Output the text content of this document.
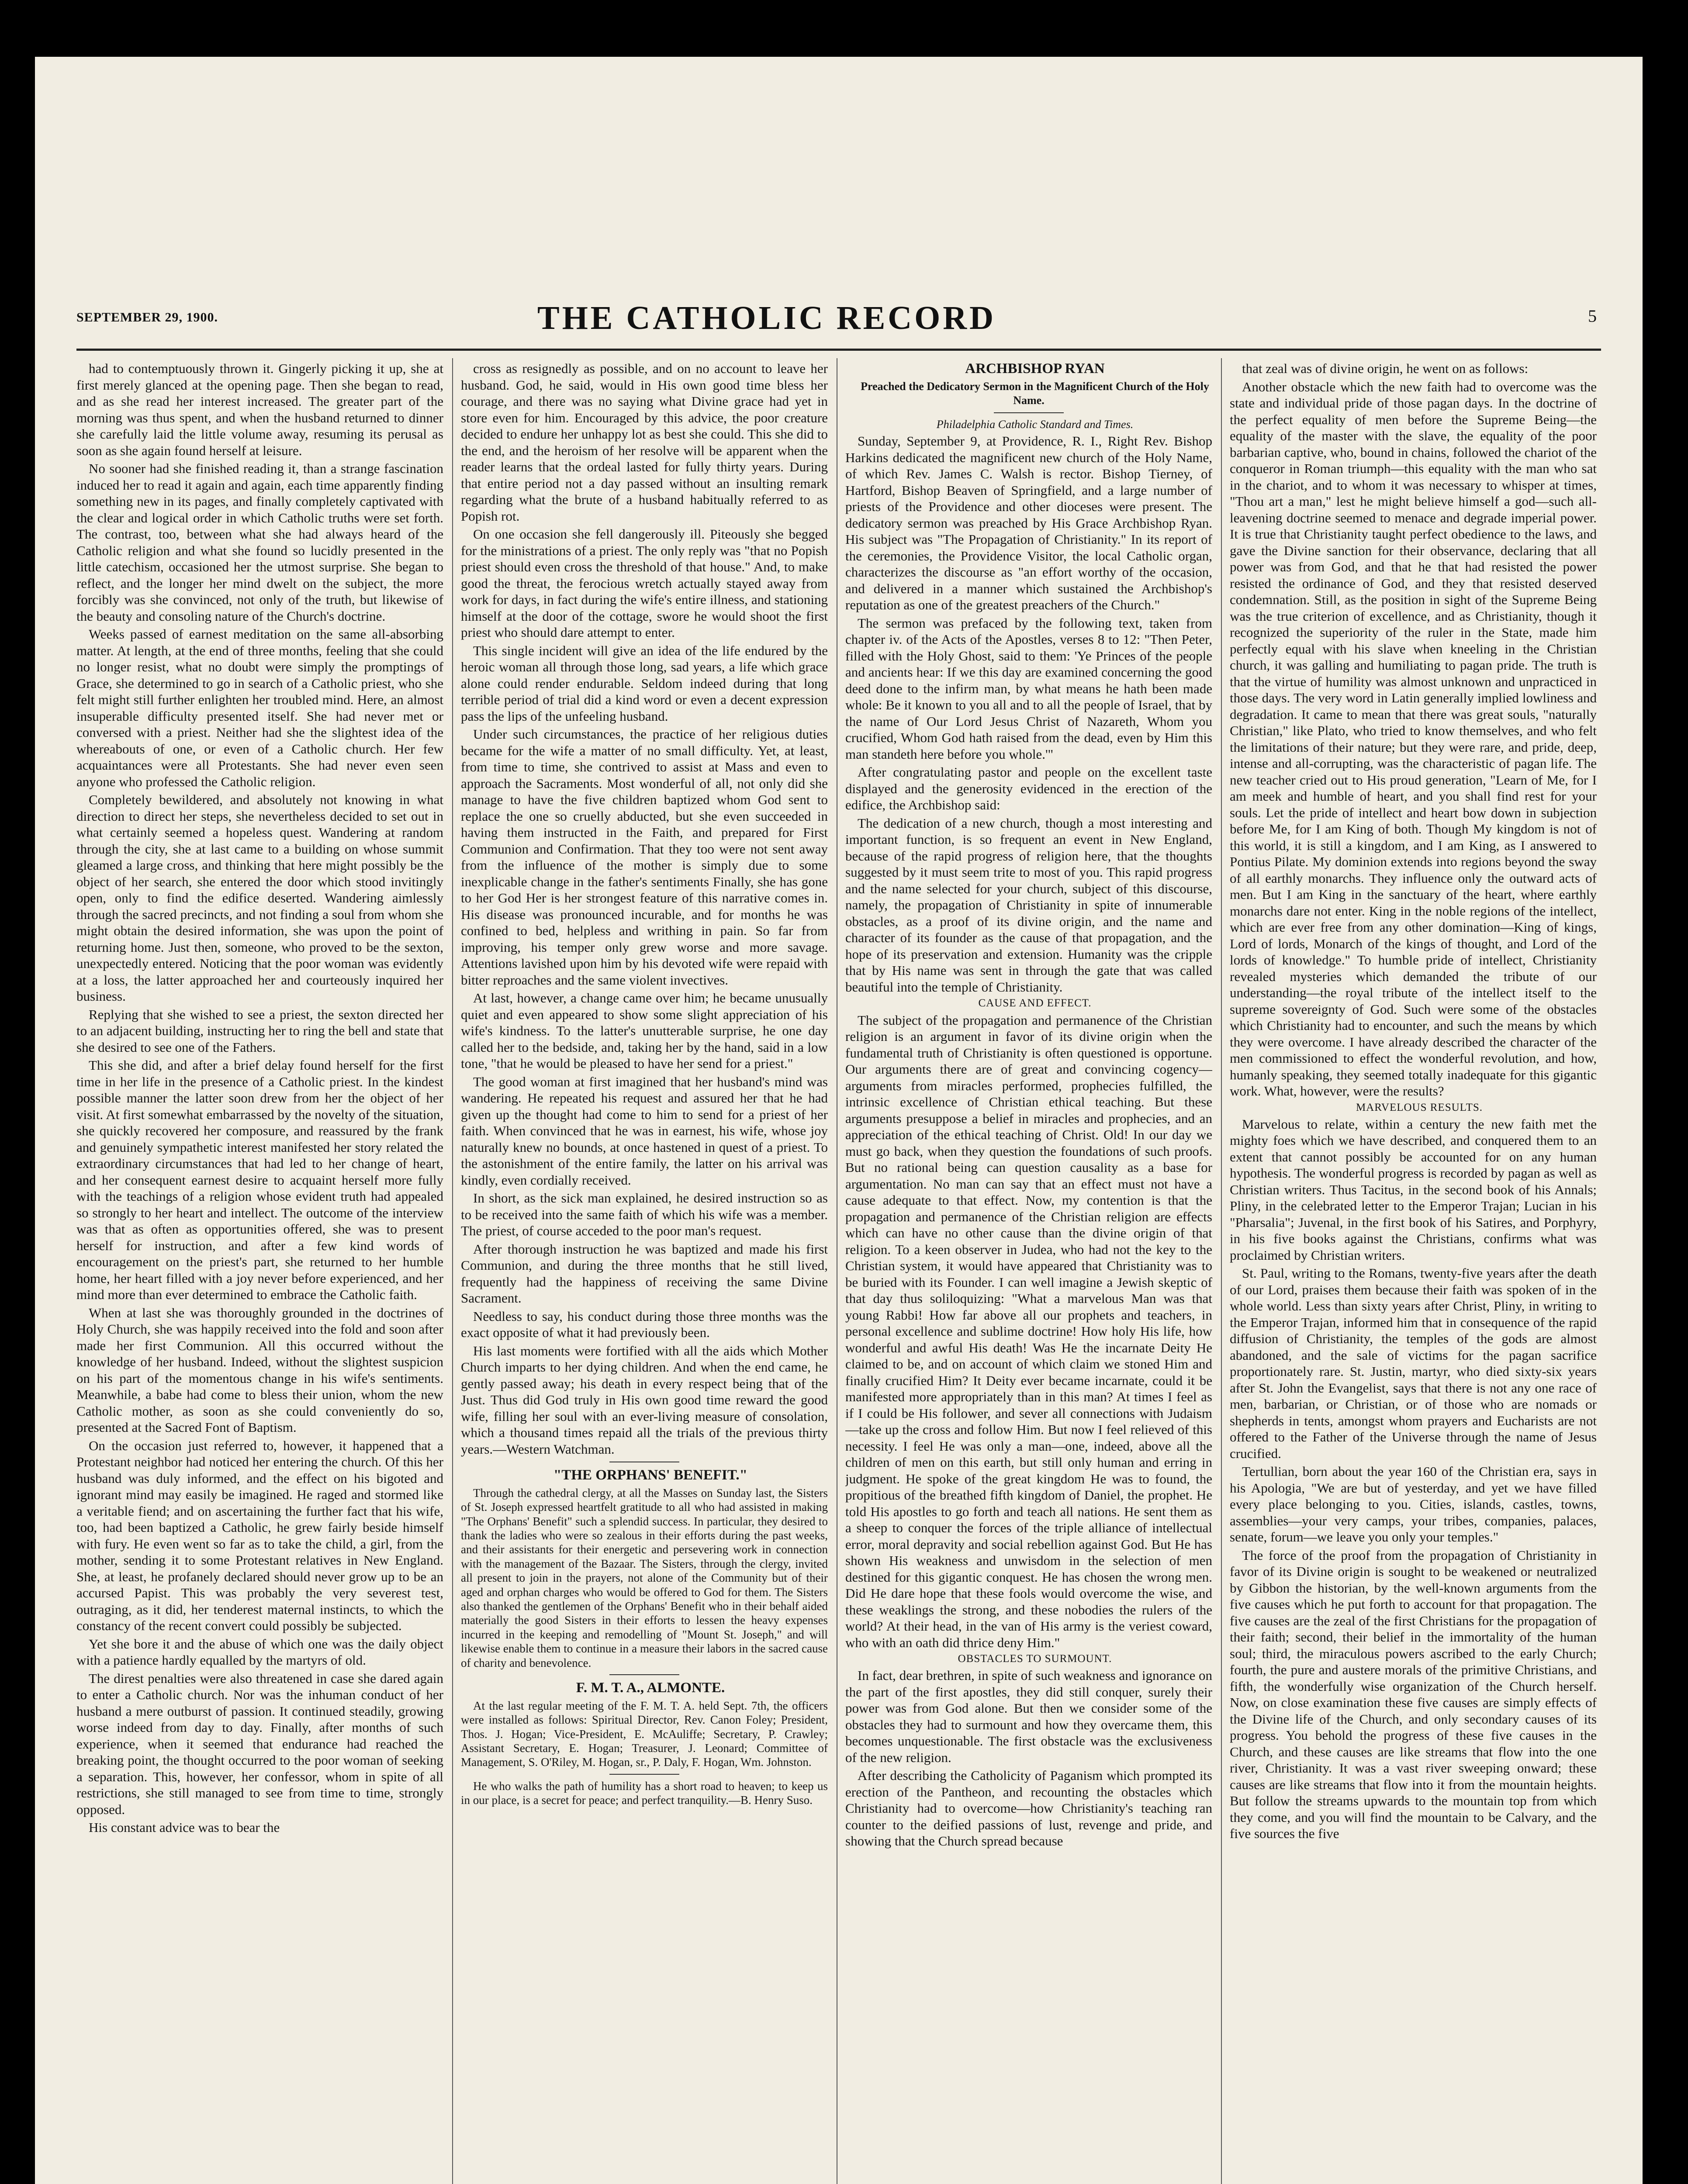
SEPTEMBER 29, 1900.	THE CATHOLIC RECORD	5

had to contemptuously thrown it. Gingerly picking it up, she at first merely glanced at the opening page. Then she began to read, and as she read her interest increased. The greater part of the morning was thus spent, and when the husband returned to dinner she carefully laid the little volume away, resuming its perusal as soon as she again found herself at leisure.

No sooner had she finished reading it, than a strange fascination induced her to read it again and again, each time apparently finding something new in its pages, and finally completely captivated with the clear and logical order in which Catholic truths were set forth. The contrast, too, between what she had always heard of the Catholic religion and what she found so lucidly presented in the little catechism, occasioned her the utmost surprise. She began to reflect, and the longer her mind dwelt on the subject, the more forcibly was she convinced, not only of the truth, but likewise of the beauty and consoling nature of the Church's doctrine.

Weeks passed of earnest meditation on the same all-absorbing matter. At length, at the end of three months, feeling that she could no longer resist, what no doubt were simply the promptings of Grace, she determined to go in search of a Catholic priest, who she felt might still further enlighten her troubled mind. Here, an almost insuperable difficulty presented itself. She had never met or conversed with a priest. Neither had she the slightest idea of the whereabouts of one, or even of a Catholic church. Her few acquaintances were all Protestants. She had never even seen anyone who professed the Catholic religion.

Completely bewildered, and absolutely not knowing in what direction to direct her steps, she nevertheless decided to set out in what certainly seemed a hopeless quest. Wandering at random through the city, she at last came to a building on whose summit gleamed a large cross, and thinking that here might possibly be the object of her search, she entered the door which stood invitingly open, only to find the edifice deserted. Wandering aimlessly through the sacred precincts, and not finding a soul from whom she might obtain the desired information, she was upon the point of returning home. Just then, someone, who proved to be the sexton, unexpectedly entered. Noticing that the poor woman was evidently at a loss, the latter approached her and courteously inquired her business.

Replying that she wished to see a priest, the sexton directed her to an adjacent building, instructing her to ring the bell and state that she desired to see one of the Fathers.

This she did, and after a brief delay found herself for the first time in her life in the presence of a Catholic priest. In the kindest possible manner the latter soon drew from her the object of her visit. At first somewhat embarrassed by the novelty of the situation, she quickly recovered her composure, and reassured by the frank and genuinely sympathetic interest manifested her story related the extraordinary circumstances that had led to her change of heart, and her consequent earnest desire to acquaint herself more fully with the teachings of a religion whose evident truth had appealed so strongly to her heart and intellect. The outcome of the interview was that as often as opportunities offered, she was to present herself for instruction, and after a few kind words of encouragement on the priest's part, she returned to her humble home, her heart filled with a joy never before experienced, and her mind more than ever determined to embrace the Catholic faith.

When at last she was thoroughly grounded in the doctrines of Holy Church, she was happily received into the fold and soon after made her first Communion. All this occurred without the knowledge of her husband. Indeed, without the slightest suspicion on his part of the momentous change in his wife's sentiments. Meanwhile, a babe had come to bless their union, whom the new Catholic mother, as soon as she could conveniently do so, presented at the Sacred Font of Baptism.

On the occasion just referred to, however, it happened that a Protestant neighbor had noticed her entering the church. Of this her husband was duly informed, and the effect on his bigoted and ignorant mind may easily be imagined. He raged and stormed like a veritable fiend; and on ascertaining the further fact that his wife, too, had been baptized a Catholic, he grew fairly beside himself with fury. He even went so far as to take the child, a girl, from the mother, sending it to some Protestant relatives in New England. She, at least, he profanely declared should never grow up to be an accursed Papist. This was probably the very severest test, outraging, as it did, her tenderest maternal instincts, to which the constancy of the recent convert could possibly be subjected.

Yet she bore it and the abuse of which one was the daily object with a patience hardly equalled by the martyrs of old.

The direst penalties were also threatened in case she dared again to enter a Catholic church. Nor was the inhuman conduct of her husband a mere outburst of passion. It continued steadily, growing worse indeed from day to day. Finally, after months of such experience, when it seemed that endurance had reached the breaking point, the thought occurred to the poor woman of seeking a separation. This, however, her confessor, whom in spite of all restrictions, she still managed to see from time to time, strongly opposed.

His constant advice was to bear the

cross as resignedly as possible, and on no account to leave her husband. God, he said, would in His own good time bless her courage, and there was no saying what Divine grace had yet in store even for him. Encouraged by this advice, the poor creature decided to endure her unhappy lot as best she could. This she did to the end, and the heroism of her resolve will be apparent when the reader learns that the ordeal lasted for fully thirty years. During that entire period not a day passed without an insulting remark regarding what the brute of a husband habitually referred to as Popish rot.

On one occasion she fell dangerously ill. Piteously she begged for the ministrations of a priest. The only reply was "that no Popish priest should even cross the threshold of that house." And, to make good the threat, the ferocious wretch actually stayed away from work for days, in fact during the wife's entire illness, and stationing himself at the door of the cottage, swore he would shoot the first priest who should dare attempt to enter.

This single incident will give an idea of the life endured by the heroic woman all through those long, sad years, a life which grace alone could render endurable. Seldom indeed during that long terrible period of trial did a kind word or even a decent expression pass the lips of the unfeeling husband.

Under such circumstances, the practice of her religious duties became for the wife a matter of no small difficulty. Yet, at least, from time to time, she contrived to assist at Mass and even to approach the Sacraments. Most wonderful of all, not only did she manage to have the five children baptized whom God sent to replace the one so cruelly abducted, but she even succeeded in having them instructed in the Faith, and prepared for First Communion and Confirmation. That they too were not sent away from the influence of the mother is simply due to some inexplicable change in the father's sentiments Finally, she has gone to her God Her is her strongest feature of this narrative comes in. His disease was pronounced incurable, and for months he was confined to bed, helpless and writhing in pain. So far from improving, his temper only grew worse and more savage. Attentions lavished upon him by his devoted wife were repaid with bitter reproaches and the same violent invectives.

At last, however, a change came over him; he became unusually quiet and even appeared to show some slight appreciation of his wife's kindness. To the latter's unutterable surprise, he one day called her to the bedside, and, taking her by the hand, said in a low tone, "that he would be pleased to have her send for a priest."

The good woman at first imagined that her husband's mind was wandering. He repeated his request and assured her that he had given up the thought had come to him to send for a priest of her faith. When convinced that he was in earnest, his wife, whose joy naturally knew no bounds, at once hastened in quest of a priest. To the astonishment of the entire family, the latter on his arrival was kindly, even cordially received.

In short, as the sick man explained, he desired instruction so as to be received into the same faith of which his wife was a member. The priest, of course acceded to the poor man's request.

After thorough instruction he was baptized and made his first Communion, and during the three months that he still lived, frequently had the happiness of receiving the same Divine Sacrament.

Needless to say, his conduct during those three months was the exact opposite of what it had previously been.

His last moments were fortified with all the aids which Mother Church imparts to her dying children. And when the end came, he gently passed away; his death in every respect being that of the Just. Thus did God truly in His own good time reward the good wife, filling her soul with an ever-living measure of consolation, which a thousand times repaid all the trials of the previous thirty years.—Western Watchman.

"THE ORPHANS' BENEFIT."

Through the cathedral clergy, at all the Masses on Sunday last, the Sisters of St. Joseph expressed heartfelt gratitude to all who had assisted in making "The Orphans' Benefit" such a splendid success. In particular, they desired to thank the ladies who were so zealous in their efforts during the past weeks, and their assistants for their energetic and persevering work in connection with the management of the Bazaar. The Sisters, through the clergy, invited all present to join in the prayers, not alone of the Community but of their aged and orphan charges who would be offered to God for them. The Sisters also thanked the gentlemen of the Orphans' Benefit who in their behalf aided materially the good Sisters in their efforts to lessen the heavy expenses incurred in the keeping and remodelling of "Mount St. Joseph," and will likewise enable them to continue in a measure their labors in the sacred cause of charity and benevolence.

F. M. T. A., ALMONTE.

At the last regular meeting of the F. M. T. A. held Sept. 7th, the officers were installed as follows: Spiritual Director, Rev. Canon Foley; President, Thos. J. Hogan; Vice-President, E. McAuliffe; Secretary, P. Crawley; Assistant Secretary, E. Hogan; Treasurer, J. Leonard; Committee of Management, S. O'Riley, M. Hogan, sr., P. Daly, F. Hogan, Wm. Johnston.

He who walks the path of humility has a short road to heaven; to keep us in our place, is a secret for peace; and perfect tranquility.—B. Henry Suso.

ARCHBISHOP RYAN

Preached the Dedicatory Sermon in the Magnificent Church of the Holy Name.

Philadelphia Catholic Standard and Times.

Sunday, September 9, at Providence, R. I., Right Rev. Bishop Harkins dedicated the magnificent new church of the Holy Name, of which Rev. James C. Walsh is rector. Bishop Tierney, of Hartford, Bishop Beaven of Springfield, and a large number of priests of the Providence and other dioceses were present. The dedicatory sermon was preached by His Grace Archbishop Ryan. His subject was "The Propagation of Christianity." In its report of the ceremonies, the Providence Visitor, the local Catholic organ, characterizes the discourse as "an effort worthy of the occasion, and delivered in a manner which sustained the Archbishop's reputation as one of the greatest preachers of the Church."

The sermon was prefaced by the following text, taken from chapter iv. of the Acts of the Apostles, verses 8 to 12: "Then Peter, filled with the Holy Ghost, said to them: 'Ye Princes of the people and ancients hear: If we this day are examined concerning the good deed done to the infirm man, by what means he hath been made whole: Be it known to you all and to all the people of Israel, that by the name of Our Lord Jesus Christ of Nazareth, Whom you crucified, Whom God hath raised from the dead, even by Him this man standeth here before you whole.'"

After congratulating pastor and people on the excellent taste displayed and the generosity evidenced in the erection of the edifice, the Archbishop said:

The dedication of a new church, though a most interesting and important function, is so frequent an event in New England, because of the rapid progress of religion here, that the thoughts suggested by it must seem trite to most of you. This rapid progress and the name selected for your church, subject of this discourse, namely, the propagation of Christianity in spite of innumerable obstacles, as a proof of its divine origin, and the name and character of its founder as the cause of that propagation, and the hope of its preservation and extension. Humanity was the cripple that by His name was sent in through the gate that was called beautiful into the temple of Christianity.

CAUSE AND EFFECT.

The subject of the propagation and permanence of the Christian religion is an argument in favor of its divine origin when the fundamental truth of Christianity is often questioned is opportune. Our arguments there are of great and convincing cogency—arguments from miracles performed, prophecies fulfilled, the intrinsic excellence of Christian ethical teaching. But these arguments presuppose a belief in miracles and prophecies, and an appreciation of the ethical teaching of Christ. Old! In our day we must go back, when they question the foundations of such proofs. But no rational being can question causality as a base for argumentation. No man can say that an effect must not have a cause adequate to that effect. Now, my contention is that the propagation and permanence of the Christian religion are effects which can have no other cause than the divine origin of that religion. To a keen observer in Judea, who had not the key to the Christian system, it would have appeared that Christianity was to be buried with its Founder. I can well imagine a Jewish skeptic of that day thus soliloquizing: "What a marvelous Man was that young Rabbi! How far above all our prophets and teachers, in personal excellence and sublime doctrine! How holy His life, how wonderful and awful His death! Was He the incarnate Deity He claimed to be, and on account of which claim we stoned Him and finally crucified Him? It Deity ever became incarnate, could it be manifested more appropriately than in this man? At times I feel as if I could be His follower, and sever all connections with Judaism—take up the cross and follow Him. But now I feel relieved of this necessity. I feel He was only a man—one, indeed, above all the children of men on this earth, but still only human and erring in judgment. He spoke of the great kingdom He was to found, the propitious of the breathed fifth kingdom of Daniel, the prophet. He told His apostles to go forth and teach all nations. He sent them as a sheep to conquer the forces of the triple alliance of intellectual error, moral depravity and social rebellion against God. But He has shown His weakness and unwisdom in the selection of men destined for this gigantic conquest. He has chosen the wrong men. Did He dare hope that these fools would overcome the wise, and these weaklings the strong, and these nobodies the rulers of the world? At their head, in the van of His army is the veriest coward, who with an oath did thrice deny Him."

OBSTACLES TO SURMOUNT.

In fact, dear brethren, in spite of such weakness and ignorance on the part of the first apostles, they did still conquer, surely their power was from God alone. But then we consider some of the obstacles they had to surmount and how they overcame them, this becomes unquestionable. The first obstacle was the exclusiveness of the new religion.

After describing the Catholicity of Paganism which prompted its erection of the Pantheon, and recounting the obstacles which Christianity had to overcome—how Christianity's teaching ran counter to the deified passions of lust, revenge and pride, and showing that the Church spread because

that zeal was of divine origin, he went on as follows:

Another obstacle which the new faith had to overcome was the state and individual pride of those pagan days. In the doctrine of the perfect equality of men before the Supreme Being—the equality of the master with the slave, the equality of the poor barbarian captive, who, bound in chains, followed the chariot of the conqueror in Roman triumph—this equality with the man who sat in the chariot, and to whom it was necessary to whisper at times, "Thou art a man," lest he might believe himself a god—such all-leavening doctrine seemed to menace and degrade imperial power. It is true that Christianity taught perfect obedience to the laws, and gave the Divine sanction for their observance, declaring that all power was from God, and that he that had resisted the power resisted the ordinance of God, and they that resisted deserved condemnation. Still, as the position in sight of the Supreme Being was the true criterion of excellence, and as Christianity, though it recognized the superiority of the ruler in the State, made him perfectly equal with his slave when kneeling in the Christian church, it was galling and humiliating to pagan pride. The truth is that the virtue of humility was almost unknown and unpracticed in those days. The very word in Latin generally implied lowliness and degradation. It came to mean that there was great souls, "naturally Christian," like Plato, who tried to know themselves, and who felt the limitations of their nature; but they were rare, and pride, deep, intense and all-corrupting, was the characteristic of pagan life. The new teacher cried out to His proud generation, "Learn of Me, for I am meek and humble of heart, and you shall find rest for your souls. Let the pride of intellect and heart bow down in subjection before Me, for I am King of both. Though My kingdom is not of this world, it is still a kingdom, and I am King, as I answered to Pontius Pilate. My dominion extends into regions beyond the sway of all earthly monarchs. They influence only the outward acts of men. But I am King in the sanctuary of the heart, where earthly monarchs dare not enter. King in the noble regions of the intellect, which are ever free from any other domination—King of kings, Lord of lords, Monarch of the kings of thought, and Lord of the lords of knowledge." To humble pride of intellect, Christianity revealed mysteries which demanded the tribute of our understanding—the royal tribute of the intellect itself to the supreme sovereignty of God. Such were some of the obstacles which Christianity had to encounter, and such the means by which they were overcome. I have already described the character of the men commissioned to effect the wonderful revolution, and how, humanly speaking, they seemed totally inadequate for this gigantic work. What, however, were the results?

MARVELOUS RESULTS.

Marvelous to relate, within a century the new faith met the mighty foes which we have described, and conquered them to an extent that cannot possibly be accounted for on any human hypothesis. The wonderful progress is recorded by pagan as well as Christian writers. Thus Tacitus, in the second book of his Annals; Pliny, in the celebrated letter to the Emperor Trajan; Lucian in his "Pharsalia"; Juvenal, in the first book of his Satires, and Porphyry, in his five books against the Christians, confirms what was proclaimed by Christian writers.

St. Paul, writing to the Romans, twenty-five years after the death of our Lord, praises them because their faith was spoken of in the whole world. Less than sixty years after Christ, Pliny, in writing to the Emperor Trajan, informed him that in consequence of the rapid diffusion of Christianity, the temples of the gods are almost abandoned, and the sale of victims for the pagan sacrifice proportionately rare. St. Justin, martyr, who died sixty-six years after St. John the Evangelist, says that there is not any one race of men, barbarian, or Christian, or of those who are nomads or shepherds in tents, amongst whom prayers and Eucharists are not offered to the Father of the Universe through the name of Jesus crucified.

Tertullian, born about the year 160 of the Christian era, says in his Apologia, "We are but of yesterday, and yet we have filled every place belonging to you. Cities, islands, castles, towns, assemblies—your very camps, your tribes, companies, palaces, senate, forum—we leave you only your temples."

The force of the proof from the propagation of Christianity in favor of its Divine origin is sought to be weakened or neutralized by Gibbon the historian, by the well-known arguments from the five causes which he put forth to account for that propagation. The five causes are the zeal of the first Christians for the propagation of their faith; second, their belief in the immortality of the human soul; third, the miraculous powers ascribed to the early Church; fourth, the pure and austere morals of the primitive Christians, and fifth, the wonderfully wise organization of the Church herself. Now, on close examination these five causes are simply effects of the Divine life of the Church, and only secondary causes of its progress. You behold the progress of these five causes in the Church, and these causes are like streams that flow into the one river, Christianity. It was a vast river sweeping onward; these causes are like streams that flow into it from the mountain heights. But follow the streams upwards to the mountain top from which they come, and you will find the mountain to be Calvary, and the five sources the five
